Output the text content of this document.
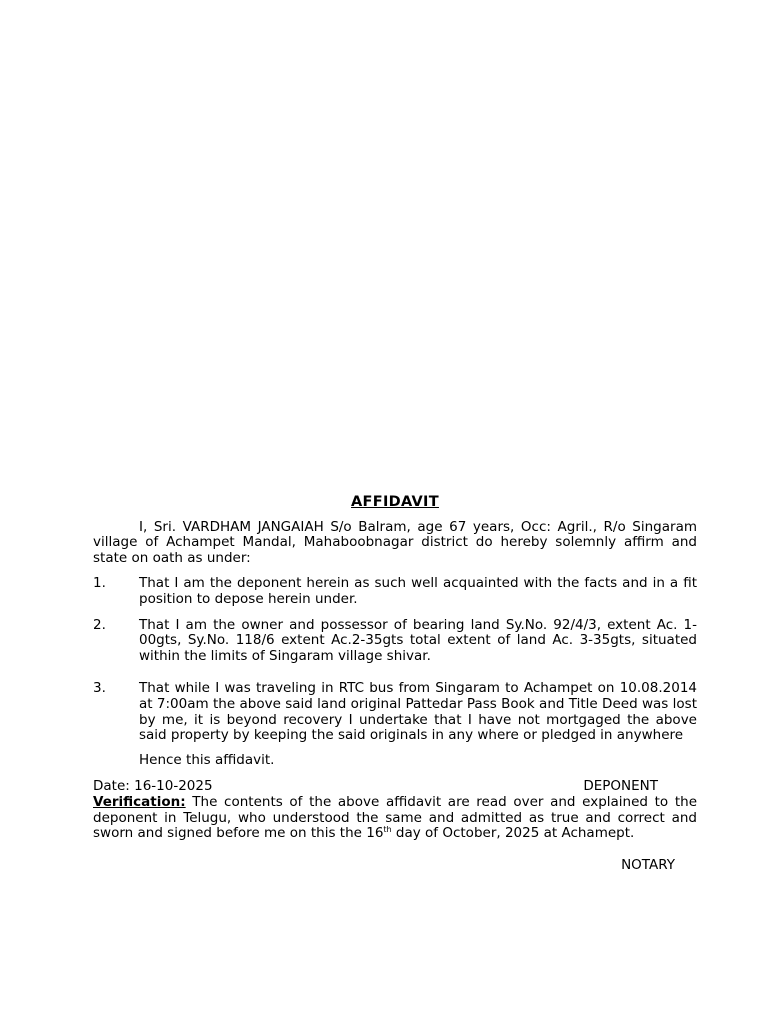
AFFIDAVIT

I, Sri. VARDHAM JANGAIAH S/o Balram, age 67 years, Occ: Agril., R/o Singaram village of Achampet Mandal, Mahaboobnagar district do hereby solemnly affirm and state on oath as under:

1.	That I am the deponent herein as such well acquainted with the facts and in a fit position to depose herein under.
2.	That I am the owner and possessor of bearing land Sy.No. 92/4/3, extent Ac. 1-00gts, Sy.No. 118/6 extent Ac.2-35gts total extent of land Ac. 3-35gts, situated within the limits of Singaram village shivar.
3.	That while I was traveling in RTC bus from Singaram to Achampet on 10.08.2014 at 7:00am the above said land original Pattedar Pass Book and Title Deed was lost by me, it is beyond recovery I undertake that I have not mortgaged the above said property by keeping the said originals in any where or pledged in anywhere
Hence this affidavit.
Date: 16-10-2025	DEPONENT

Verification: The contents of the above affidavit are read over and explained to the deponent in Telugu, who understood the same and admitted as true and correct and sworn and signed before me on this the 16th day of October, 2025 at Achamept.

NOTARY
